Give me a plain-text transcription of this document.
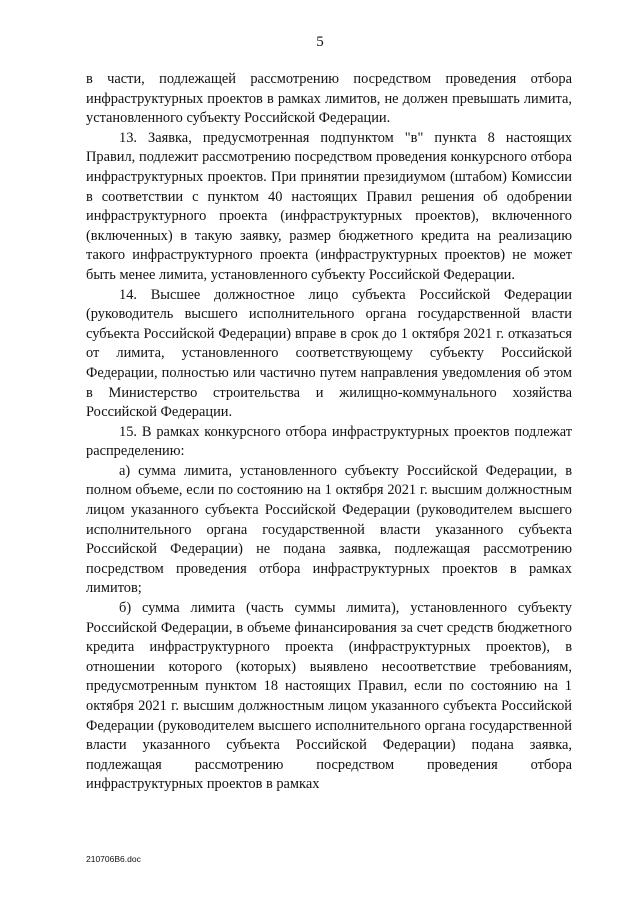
5

в части, подлежащей рассмотрению посредством проведения отбора инфраструктурных проектов в рамках лимитов, не должен превышать лимита, установленного субъекту Российской Федерации.

13. Заявка, предусмотренная подпунктом "в" пункта 8 настоящих Правил, подлежит рассмотрению посредством проведения конкурсного отбора инфраструктурных проектов. При принятии президиумом (штабом) Комиссии в соответствии с пунктом 40 настоящих Правил решения об одобрении инфраструктурного проекта (инфраструктурных проектов), включенного (включенных) в такую заявку, размер бюджетного кредита на реализацию такого инфраструктурного проекта (инфраструктурных проектов) не может быть менее лимита, установленного субъекту Российской Федерации.

14. Высшее должностное лицо субъекта Российской Федерации (руководитель высшего исполнительного органа государственной власти субъекта Российской Федерации) вправе в срок до 1 октября 2021 г. отказаться от лимита, установленного соответствующему субъекту Российской Федерации, полностью или частично путем направления уведомления об этом в Министерство строительства и жилищно-коммунального хозяйства Российской Федерации.

15. В рамках конкурсного отбора инфраструктурных проектов подлежат распределению:

а) сумма лимита, установленного субъекту Российской Федерации, в полном объеме, если по состоянию на 1 октября 2021 г. высшим должностным лицом указанного субъекта Российской Федерации (руководителем высшего исполнительного органа государственной власти указанного субъекта Российской Федерации) не подана заявка, подлежащая рассмотрению посредством проведения отбора инфраструктурных проектов в рамках лимитов;

б) сумма лимита (часть суммы лимита), установленного субъекту Российской Федерации, в объеме финансирования за счет средств бюджетного кредита инфраструктурного проекта (инфраструктурных проектов), в отношении которого (которых) выявлено несоответствие требованиям, предусмотренным пунктом 18 настоящих Правил, если по состоянию на 1 октября 2021 г. высшим должностным лицом указанного субъекта Российской Федерации (руководителем высшего исполнительного органа государственной власти указанного субъекта Российской Федерации) подана заявка, подлежащая рассмотрению посредством проведения отбора инфраструктурных проектов в рамках

210706B6.doc
